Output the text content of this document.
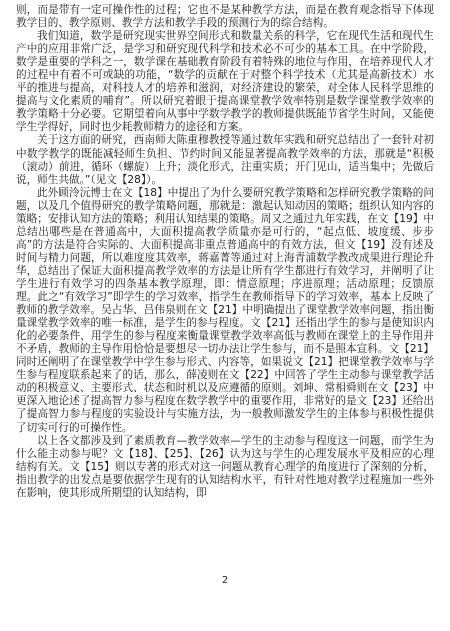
则，而是带有一定可操作性的过程；它也不是某种教学方法，而是在教育观念指导下体现教学目的、教学原则、教学方法和教学手段的预测行为的综合结构。

我们知道，数学是研究现实世界空间形式和数量关系的科学，它在现代生活和现代生产中的应用非常广泛，是学习和研究现代科学和技术必不可少的基本工具。在中学阶段，数学是重要的学科之一，数学课在基础教育阶段有着特殊的地位与作用，在培养现代人才的过程中有着不可或缺的功能，“数学的贡献在于对整个科学技术（尤其是高新技术）水平的推进与提高，对科技人才的培养和滋润，对经济建设的繁荣，对全体人民科学思维的提高与文化素质的哺育”。所以研究着眼于提高课堂教学效率特别是数学课堂教学效率的教学策略十分必要。它期望着向从事中学数学教学的教师提供既能节省学生时间，又能使学生学得好，同时也少耗教师精力的途径和方案。

关于这方面的研究，西南师大陈重穆教授等通过数年实践和研究总结出了一套针对初中数学教学的既能减轻师生负担、节约时间又能显著提高教学效率的方法，那就是“积极（滚动）前进，循环（螺旋）上升；淡化形式，注重实质；开门见山，适当集中；先做后说，师生共做。”（见文【28】）。

此外顾泠沅博士在文【18】中提出了为什么要研究教学策略和怎样研究教学策略的问题，以及几个值得研究的教学策略问题，那就是：激起认知动因的策略；组织认知内容的策略；安排认知方法的策略；利用认知结果的策略。周又之通过九年实践，在文【19】中总结出哪些是在普通高中，大面积提高教学质量亦是可行的，“起点低、坡度缓、步步高”的方法是符合实际的、大面积提高非重点普通高中的有效方法，但文【19】没有述及时间与精力问题，所以难度度其效率，蒋嘉菁等通过对上海青浦数学教改成果进行理论升华，总结出了保证大面积提高教学效率的方法是让所有学生都进行有效学习，并阐明了让学生进行有效学习的四条基本教学原理，即：情意原理；序进原理；活动原理；反馈原理。此之“有效学习”即学生的学习效率，指学生在教师指导下的学习效率，基本上反映了教师的教学效率。吴占华、吕伟泉则在文【21】中明确提出了课堂教学效率问题，指出衡量课堂教学效率的唯一标准，是学生的参与程度。文【21】还指出学生的参与是使知识内化的必要条件，用学生的参与程度来衡量课堂教学效率高低与教师在课堂上的主导作用并不矛盾，教师的主导作用恰恰是要想尽一切办法让学生参与，而不是照本宣科。文【21】同时还阐明了在课堂教学中学生参与形式、内容等，如果说文【21】把课堂教学效率与学生参与程度联系起来了的话，那么，薛凌则在文【22】中回答了学生主动参与课堂教学活动的积极意义、主要形式、状态和时机以及应遵循的原则。刘坤、常相舜则在文【23】中更深入地论述了提高智力参与程度在数学教学中的重要作用，非常好的是文【23】还给出了提高智力参与程度的实验设计与实施方法，为一般教师激发学生的主体参与积极性提供了切实可行的可操作性。

以上各文都涉及到了素质教育—教学效率—学生的主动参与程度这一问题，而学生为什么能主动参与呢？文【18】、【25】、【26】认为这与学生的心理发展水平及相应的心理结构有关。文【15】则以专著的形式对这一问题从教育心理学的角度进行了深刻的分析，指出教学的出发点是要依据学生现有的认知结构水平，有针对性地对教学过程施加一些外在影响，使其形成所期望的认知结构，即

2
